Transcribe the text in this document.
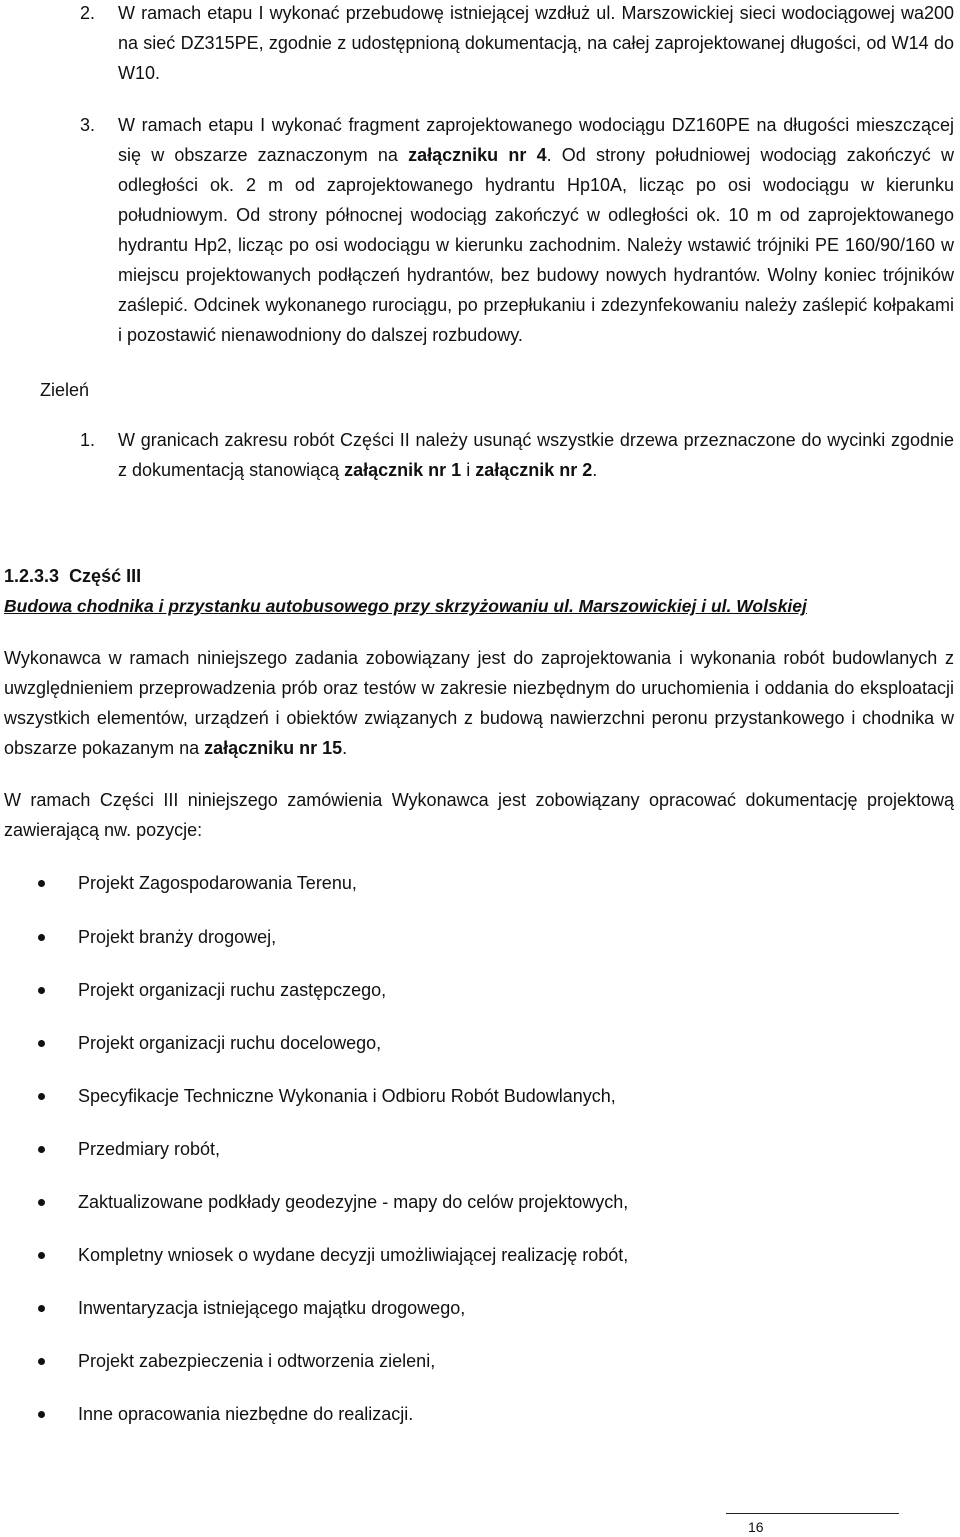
2.	W ramach etapu I wykonać przebudowę istniejącej wzdłuż ul. Marszowickiej sieci wodociągowej wa200 na sieć DZ315PE, zgodnie z udostępnioną dokumentacją, na całej zaprojektowanej długości, od W14 do W10.
3.	W ramach etapu I wykonać fragment zaprojektowanego wodociągu DZ160PE na długości mieszczącej się w obszarze zaznaczonym na załączniku nr 4. Od strony południowej wodociąg zakończyć w odległości ok. 2 m od zaprojektowanego hydrantu Hp10A, licząc po osi wodociągu w kierunku południowym. Od strony północnej wodociąg zakończyć w odległości ok. 10 m od zaprojektowanego hydrantu Hp2, licząc po osi wodociągu w kierunku zachodnim. Należy wstawić trójniki PE 160/90/160 w miejscu projektowanych podłączeń hydrantów, bez budowy nowych hydrantów. Wolny koniec trójników zaślepić. Odcinek wykonanego rurociągu, po przepłukaniu i zdezynfekowaniu należy zaślepić kołpakami i pozostawić nienawodniony do dalszej rozbudowy.
Zieleń
1.	W granicach zakresu robót Części II należy usunąć wszystkie drzewa przeznaczone do wycinki zgodnie z dokumentacją stanowiącą załącznik nr 1 i załącznik nr 2.
1.2.3.3 Część III
Budowa chodnika i przystanku autobusowego przy skrzyżowaniu ul. Marszowickiej i ul. Wolskiej
Wykonawca w ramach niniejszego zadania zobowiązany jest do zaprojektowania i wykonania robót budowlanych z uwzględnieniem przeprowadzenia prób oraz testów w zakresie niezbędnym do uruchomienia i oddania do eksploatacji wszystkich elementów, urządzeń i obiektów związanych z budową nawierzchni peronu przystankowego i chodnika w obszarze pokazanym na załączniku nr 15.
W ramach Części III niniejszego zamówienia Wykonawca jest zobowiązany opracować dokumentację projektową zawierającą nw. pozycje:
Projekt Zagospodarowania Terenu,
Projekt branży drogowej,
Projekt organizacji ruchu zastępczego,
Projekt organizacji ruchu docelowego,
Specyfikacje Techniczne Wykonania i Odbioru Robót Budowlanych,
Przedmiary robót,
Zaktualizowane podkłady geodezyjne - mapy do celów projektowych,
Kompletny wniosek o wydane decyzji umożliwiającej realizację robót,
Inwentaryzacja istniejącego majątku drogowego,
Projekt zabezpieczenia i odtworzenia zieleni,
Inne opracowania niezbędne do realizacji.
16
